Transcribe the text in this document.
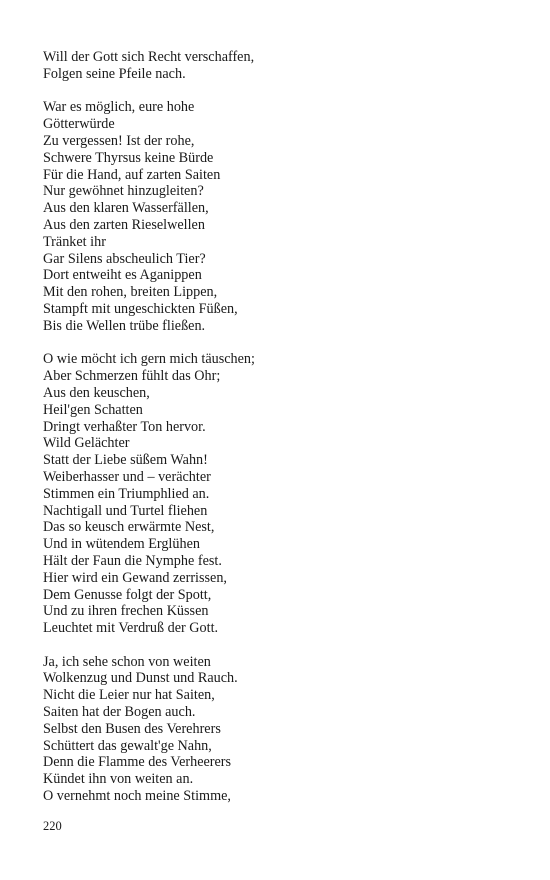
Will der Gott sich Recht verschaffen,
Folgen seine Pfeile nach.
War es möglich, eure hohe
Götterwürde
Zu vergessen! Ist der rohe,
Schwere Thyrsus keine Bürde
Für die Hand, auf zarten Saiten
Nur gewöhnet hinzugleiten?
Aus den klaren Wasserfällen,
Aus den zarten Rieselwellen
Tränket ihr
Gar Silens abscheulich Tier?
Dort entweiht es Aganippen
Mit den rohen, breiten Lippen,
Stampft mit ungeschickten Füßen,
Bis die Wellen trübe fließen.
O wie möcht ich gern mich täuschen;
Aber Schmerzen fühlt das Ohr;
Aus den keuschen,
Heil'gen Schatten
Dringt verhaßter Ton hervor.
Wild Gelächter
Statt der Liebe süßem Wahn!
Weiberhasser und – verächter
Stimmen ein Triumphlied an.
Nachtigall und Turtel fliehen
Das so keusch erwärmte Nest,
Und in wütendem Erglühen
Hält der Faun die Nymphe fest.
Hier wird ein Gewand zerrissen,
Dem Genusse folgt der Spott,
Und zu ihren frechen Küssen
Leuchtet mit Verdruß der Gott.
Ja, ich sehe schon von weiten
Wolkenzug und Dunst und Rauch.
Nicht die Leier nur hat Saiten,
Saiten hat der Bogen auch.
Selbst den Busen des Verehrers
Schüttert das gewalt'ge Nahn,
Denn die Flamme des Verheerers
Kündet ihn von weiten an.
O vernehmt noch meine Stimme,
220
